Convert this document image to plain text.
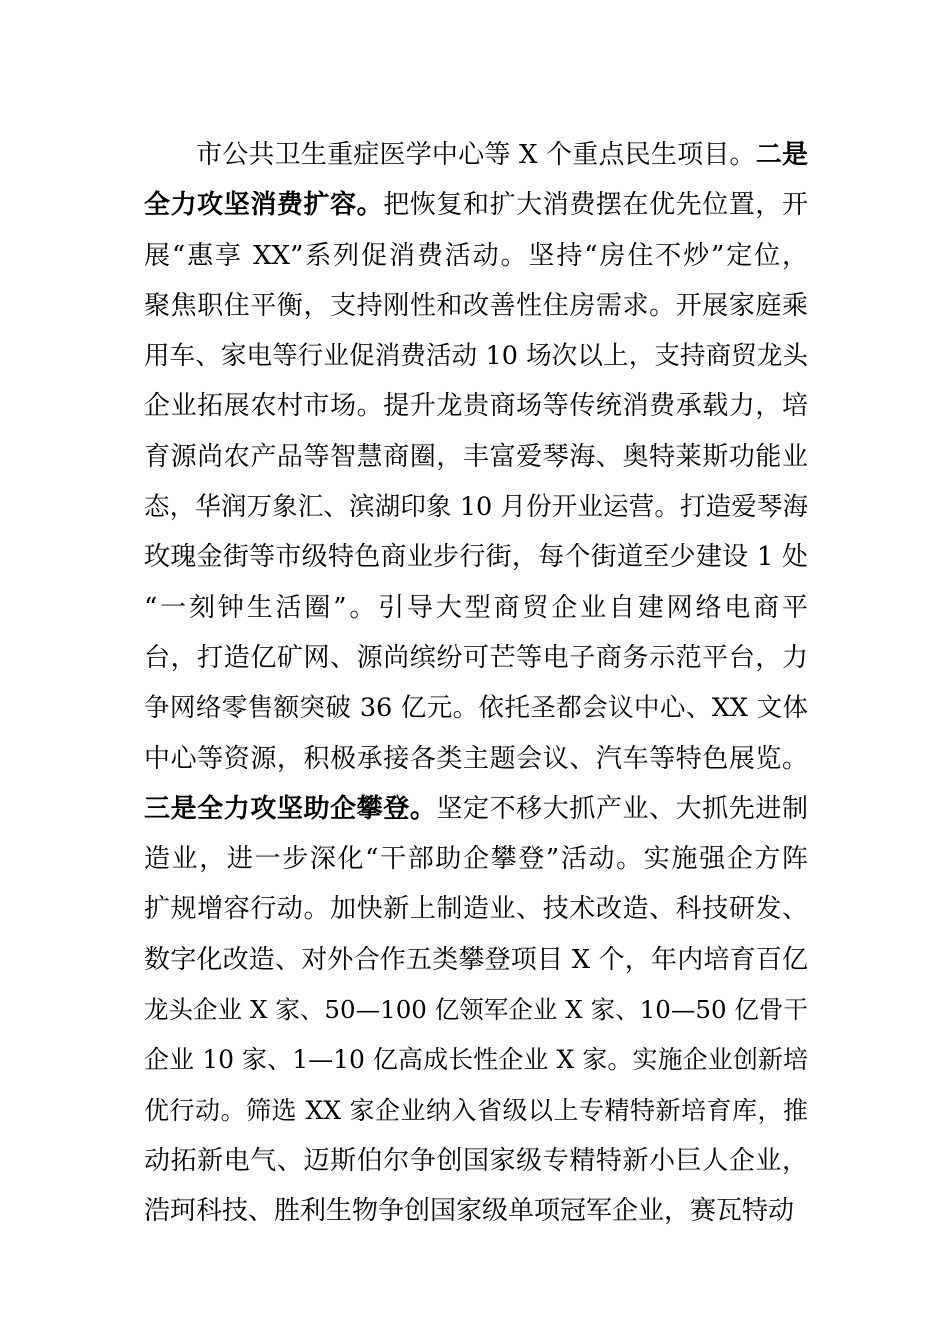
市公共卫生重症医学中心等 X 个重点民生项目。二是
全力攻坚消费扩容。把恢复和扩大消费摆在优先位置，开
展“惠享 XX”系列促消费活动。坚持“房住不炒”定位，
聚焦职住平衡，支持刚性和改善性住房需求。开展家庭乘
用车、家电等行业促消费活动 10 场次以上，支持商贸龙头
企业拓展农村市场。提升龙贵商场等传统消费承载力，培
育源尚农产品等智慧商圈，丰富爱琴海、奥特莱斯功能业
态，华润万象汇、滨湖印象 10 月份开业运营。打造爱琴海
玫瑰金街等市级特色商业步行街，每个街道至少建设 1 处
“一刻钟生活圈”。引导大型商贸企业自建网络电商平
台，打造亿矿网、源尚缤纷可芒等电子商务示范平台，力
争网络零售额突破 36 亿元。依托圣都会议中心、XX 文体
中心等资源，积极承接各类主题会议、汽车等特色展览。
三是全力攻坚助企攀登。坚定不移大抓产业、大抓先进制
造业，进一步深化“干部助企攀登”活动。实施强企方阵
扩规增容行动。加快新上制造业、技术改造、科技研发、
数字化改造、对外合作五类攀登项目 X 个，年内培育百亿
龙头企业 X 家、50—100 亿领军企业 X 家、10—50 亿骨干
企业 10 家、1—10 亿高成长性企业 X 家。实施企业创新培
优行动。筛选 XX 家企业纳入省级以上专精特新培育库，推
动拓新电气、迈斯伯尔争创国家级专精特新小巨人企业，
浩珂科技、胜利生物争创国家级单项冠军企业，赛瓦特动
